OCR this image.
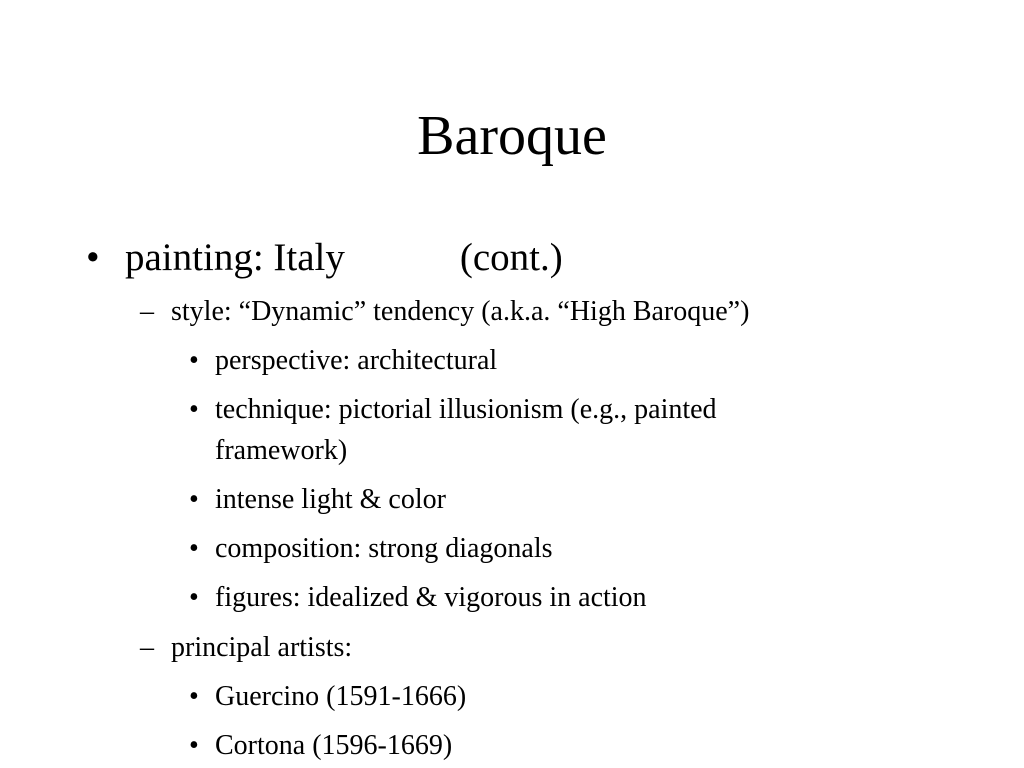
Baroque
• painting: Italy	(cont.)
– style: “Dynamic” tendency (a.k.a. “High Baroque”)
• perspective: architectural
• technique: pictorial illusionism (e.g., painted
framework)
• intense light & color
• composition: strong diagonals
• figures: idealized & vigorous in action
– principal artists:
• Guercino (1591-1666)
• Cortona (1596-1669)
